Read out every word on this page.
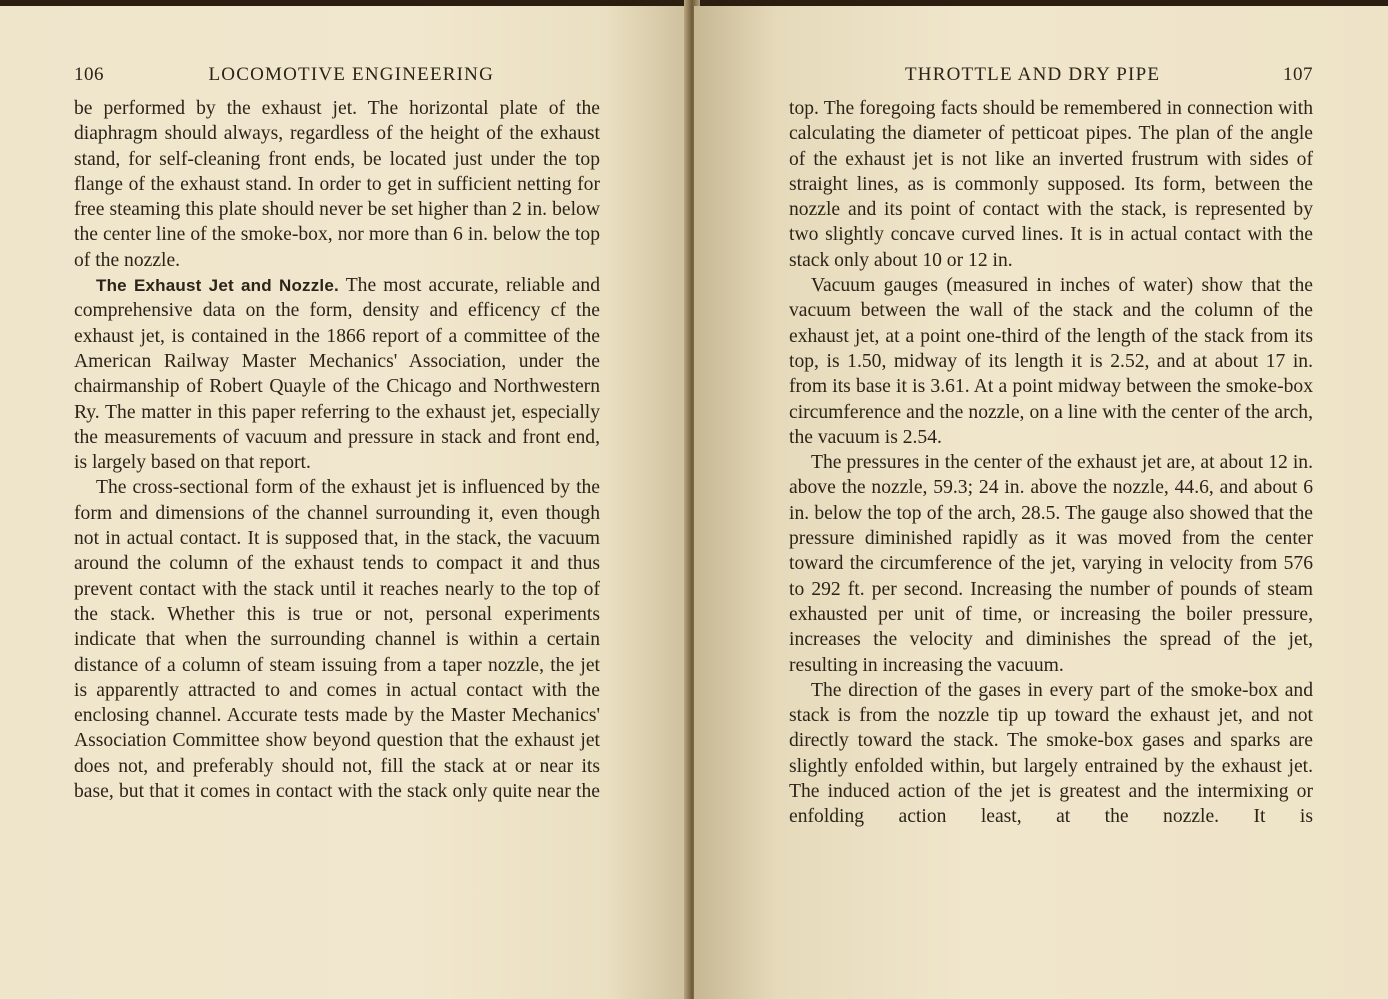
106	LOCOMOTIVE ENGINEERING

be performed by the exhaust jet. The horizontal plate of the diaphragm should always, regardless of the height of the exhaust stand, for self-cleaning front ends, be located just under the top flange of the exhaust stand. In order to get in sufficient netting for free steaming this plate should never be set higher than 2 in. below the center line of the smoke-box, nor more than 6 in. below the top of the nozzle.

The Exhaust Jet and Nozzle. The most accurate, reliable and comprehensive data on the form, density and efficency cf the exhaust jet, is contained in the 1866 report of a committee of the American Railway Master Mechanics' Association, under the chairmanship of Robert Quayle of the Chicago and Northwestern Ry. The matter in this paper referring to the exhaust jet, especially the measurements of vacuum and pressure in stack and front end, is largely based on that report.

The cross-sectional form of the exhaust jet is influenced by the form and dimensions of the channel surrounding it, even though not in actual contact. It is supposed that, in the stack, the vacuum around the column of the exhaust tends to compact it and thus prevent contact with the stack until it reaches nearly to the top of the stack. Whether this is true or not, personal experiments indicate that when the surrounding channel is within a certain distance of a column of steam issuing from a taper nozzle, the jet is apparently attracted to and comes in actual contact with the enclosing channel. Accurate tests made by the Master Mechanics' Association Committee show beyond question that the exhaust jet does not, and preferably should not, fill the stack at or near its base, but that it comes in contact with the stack only quite near the

THROTTLE AND DRY PIPE	107

top. The foregoing facts should be remembered in connection with calculating the diameter of petticoat pipes. The plan of the angle of the exhaust jet is not like an inverted frustrum with sides of straight lines, as is commonly supposed. Its form, between the nozzle and its point of contact with the stack, is represented by two slightly concave curved lines. It is in actual contact with the stack only about 10 or 12 in.

Vacuum gauges (measured in inches of water) show that the vacuum between the wall of the stack and the column of the exhaust jet, at a point one-third of the length of the stack from its top, is 1.50, midway of its length it is 2.52, and at about 17 in. from its base it is 3.61. At a point midway between the smoke-box circumference and the nozzle, on a line with the center of the arch, the vacuum is 2.54.

The pressures in the center of the exhaust jet are, at about 12 in. above the nozzle, 59.3; 24 in. above the nozzle, 44.6, and about 6 in. below the top of the arch, 28.5. The gauge also showed that the pressure diminished rapidly as it was moved from the center toward the circumference of the jet, varying in velocity from 576 to 292 ft. per second. Increasing the number of pounds of steam exhausted per unit of time, or increasing the boiler pressure, increases the velocity and diminishes the spread of the jet, resulting in increasing the vacuum.

The direction of the gases in every part of the smoke-box and stack is from the nozzle tip up toward the exhaust jet, and not directly toward the stack. The smoke-box gases and sparks are slightly enfolded within, but largely entrained by the exhaust jet. The induced action of the jet is greatest and the intermixing or enfolding action least, at the nozzle. It is
